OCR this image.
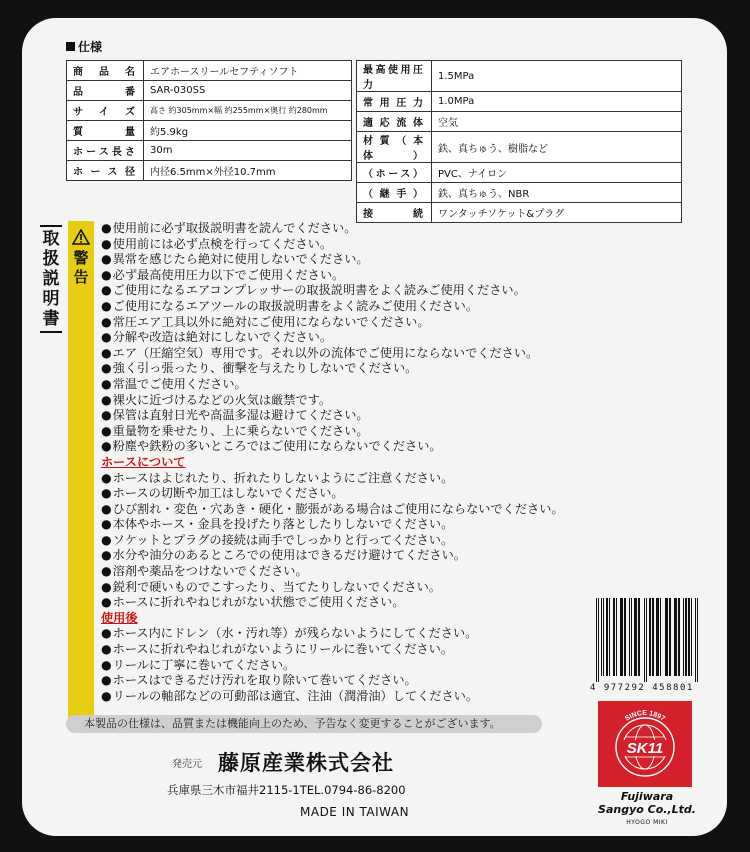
仕様
商品名	エアホースリールセフティソフト
品番	SAR-030SS
サイズ	高さ 約305mm×幅 約255mm×奥行 約280mm
質量	約5.9kg
ホース長さ	30m
ホース径	内径6.5mm×外径10.7mm
最高使用圧力	1.5MPa
常用圧力	1.0MPa
適応流体	空気
材質（本体）	鉄、真ちゅう、樹脂など
（ホース）	PVC、ナイロン
（継手）	鉄、真ちゅう、NBR
接続	ワンタッチソケット&プラグ
取
扱
説
明
書
警
告
● 使用前に必ず取扱説明書を読んでください。
● 使用前には必ず点検を行ってください。
● 異常を感じたら絶対に使用しないでください。
● 必ず最高使用圧力以下でご使用ください。
● ご使用になるエアコンプレッサーの取扱説明書をよく読みご使用ください。
● ご使用になるエアツールの取扱説明書をよく読みご使用ください。
● 常圧エア工具以外に絶対にご使用にならないでください。
● 分解や改造は絶対にしないでください。
● エア（圧縮空気）専用です。それ以外の流体でご使用にならないでください。
● 強く引っ張ったり、衝撃を与えたりしないでください。
● 常温でご使用ください。
● 裸火に近づけるなどの火気は厳禁です。
● 保管は直射日光や高温多湿は避けてください。
● 重量物を乗せたり、上に乗らないでください。
● 粉塵や鉄粉の多いところではご使用にならないでください。
ホースについて
● ホースはよじれたり、折れたりしないようにご注意ください。
● ホースの切断や加工はしないでください。
● ひび割れ・変色・穴あき・硬化・膨張がある場合はご使用にならないでください。
● 本体やホース・金具を投げたり落としたりしないでください。
● ソケットとプラグの接続は両手でしっかりと行ってください。
● 水分や油分のあるところでの使用はできるだけ避けてください。
● 溶剤や薬品をつけないでください。
● 鋭利で硬いものでこすったり、当てたりしないでください。
● ホースに折れやねじれがない状態でご使用ください。
使用後
● ホース内にドレン（水・汚れ等）が残らないようにしてください。
● ホースに折れやねじれがないようにリールに巻いてください。
● リールに丁寧に巻いてください。
● ホースはできるだけ汚れを取り除いて巻いてください。
● リールの軸部などの可動部は適宜、注油（潤滑油）してください。
本製品の仕様は、品質または機能向上のため、予告なく変更することがございます。
発売元 藤原産業株式会社
兵庫県三木市福井2115-1TEL.0794-86-8200
MADE IN TAIWAN
4 977292 458801
SINCE 1897
SK11
Fujiwara
Sangyo Co.,Ltd.
HYOGO MIKI
